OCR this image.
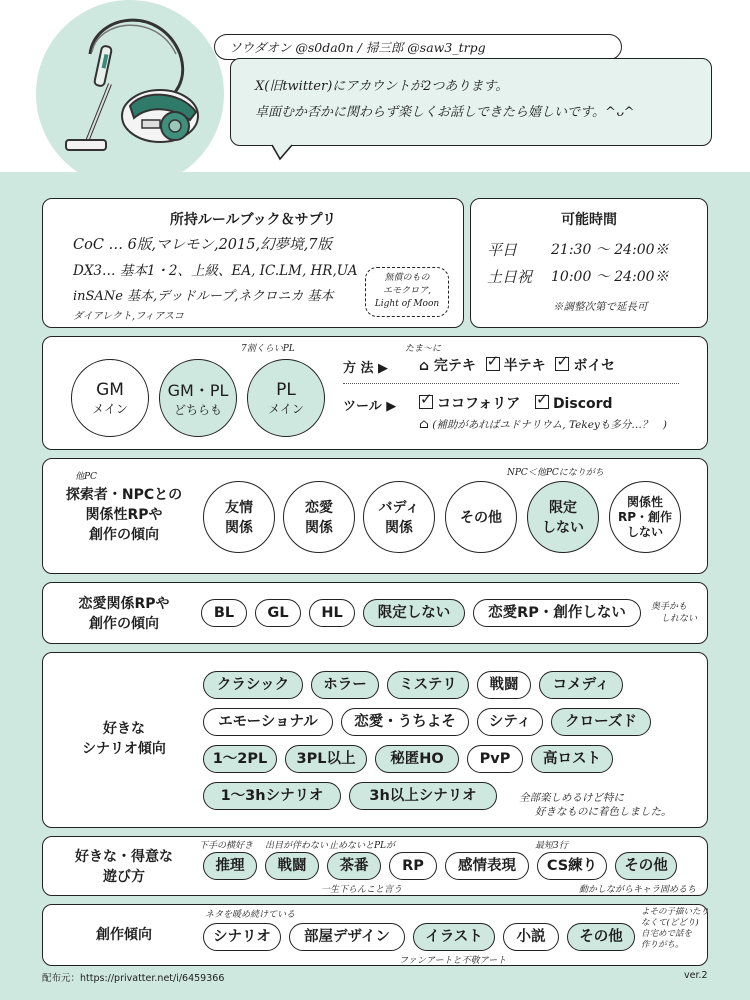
ソウダオン @s0da0n / 掃三郎 @saw3_trpg
X(旧twitter)にアカウントが2つあります。
卓面むか否かに関わらず楽しくお話しできたら嬉しいです。^ᴗ^
所持ルールブック＆サプリ
CoC … 6版,マレモン,2015,幻夢境,7版
DX3… 基本1・2、上級、EA, IC.LM, HR,UA
inSANe 基本,デッドループ,ネクロニカ 基本
ダイアレクト,フィアスコ
無償のもの
エモクロア,
Light of Moon
可能時間
平日 21:30 〜 24:00※
土日祝 10:00 〜 24:00※
※調整次第で延長可
7割くらいPL
GM
メイン
GM・PL
どちらも
PL
メイン
方 法 ▶
たま〜に
⌂ 完テキ ✓ 半テキ ✓ ボイセ
ツール ▶ ✓	ココフォリア ✓ Discord
⌂ (補助があればユドナリウム, Tekeyも多分…？　)
他PC
探索者・NPCとの
関係性RPや
創作の傾向
NPC＜他PCになりがち
友情
関係
恋愛
関係
バディ
関係
その他
限定
しない
関係性
RP・創作
しない
恋愛関係RPや
創作の傾向
BL	GL	HL	限定しない	恋愛RP・創作しない	奥手かも
しれない
好きな
シナリオ傾向
クラシック	ホラー	ミステリ	戦闘	コメディ
エモーショナル	恋愛・うちよそ	シティ	クローズド
1〜2PL	3PL以上	秘匿HO	PvP	高ロスト
1〜3hシナリオ	3h以上シナリオ	全部楽しめるけど特に
好きなものに着色しました。
好きな・得意な
遊び方
下手の横好き 出目が伴わない 止めないとPLが	最短3行
推理	戦闘	茶番	RP	感情表現	CS練り	その他
一生下らんこと言う	動かしながらキャラ固めるち
創作傾向
ネタを暖め続けている
シナリオ	部屋デザイン	イラスト	小説	その他
ファンアートと不敬アート
よその子描いたり
なくて(どどり)
自宅めで話を
作りがち。
配布元：https://privatter.net/i/6459366	ver.2
